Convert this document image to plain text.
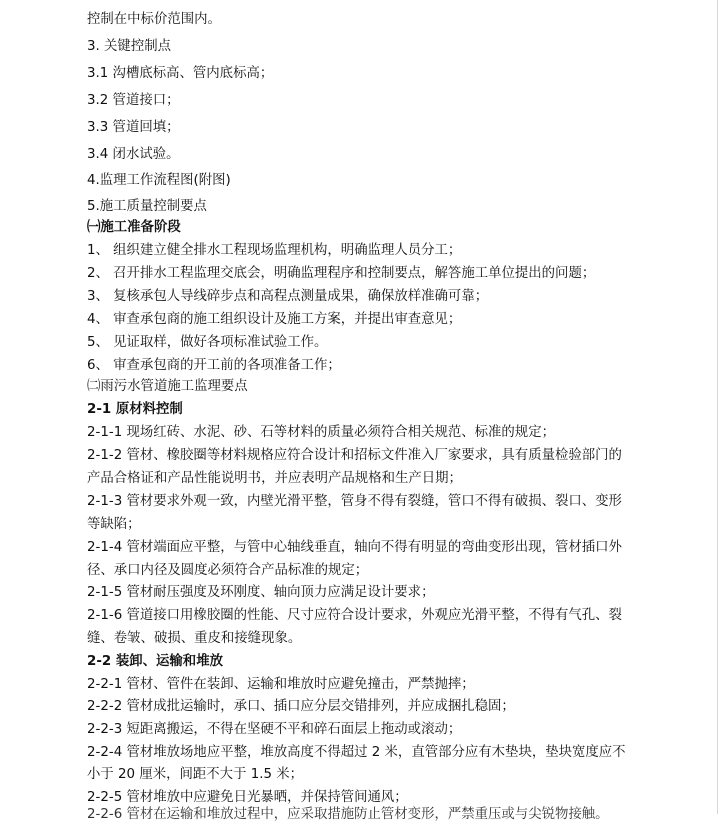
控制在中标价范围内。
3. 关键控制点
3.1 沟槽底标高、管内底标高；
3.2 管道接口；
3.3 管道回填；
3.4 闭水试验。
4.监理工作流程图(附图)
5.施工质量控制要点
㈠施工准备阶段
1、 组织建立健全排水工程现场监理机构，明确监理人员分工；
2、 召开排水工程监理交底会，明确监理程序和控制要点，解答施工单位提出的问题；
3、 复核承包人导线碎步点和高程点测量成果，确保放样准确可靠；
4、 审查承包商的施工组织设计及施工方案，并提出审查意见；
5、 见证取样，做好各项标准试验工作。
6、 审查承包商的开工前的各项准备工作；
㈡雨污水管道施工监理要点
2-1 原材料控制
2-1-1 现场红砖、水泥、砂、石等材料的质量必须符合相关规范、标准的规定；
2-1-2 管材、橡胶圈等材料规格应符合设计和招标文件准入厂家要求，具有质量检验部门的
产品合格证和产品性能说明书，并应表明产品规格和生产日期；
2-1-3 管材要求外观一致，内壁光滑平整，管身不得有裂缝，管口不得有破损、裂口、变形
等缺陷；
2-1-4 管材端面应平整，与管中心轴线垂直，轴向不得有明显的弯曲变形出现，管材插口外
径、承口内径及圆度必须符合产品标准的规定；
2-1-5 管材耐压强度及环刚度、轴向顶力应满足设计要求；
2-1-6 管道接口用橡胶圈的性能、尺寸应符合设计要求，外观应光滑平整，不得有气孔、裂
缝、卷皱、破损、重皮和接缝现象。
2-2 装卸、运输和堆放
2-2-1 管材、管件在装卸、运输和堆放时应避免撞击，严禁抛摔；
2-2-2 管材成批运输时，承口、插口应分层交错排列，并应成捆扎稳固；
2-2-3 短距离搬运，不得在坚硬不平和碎石面层上拖动或滚动；
2-2-4 管材堆放场地应平整，堆放高度不得超过 2 米，直管部分应有木垫块，垫块宽度应不
小于 20 厘米，间距不大于 1.5 米；
2-2-5 管材堆放中应避免日光暴晒，并保持管间通风；
2-2-6 管材在运输和堆放过程中，应采取措施防止管材变形，严禁重压或与尖锐物接触。
